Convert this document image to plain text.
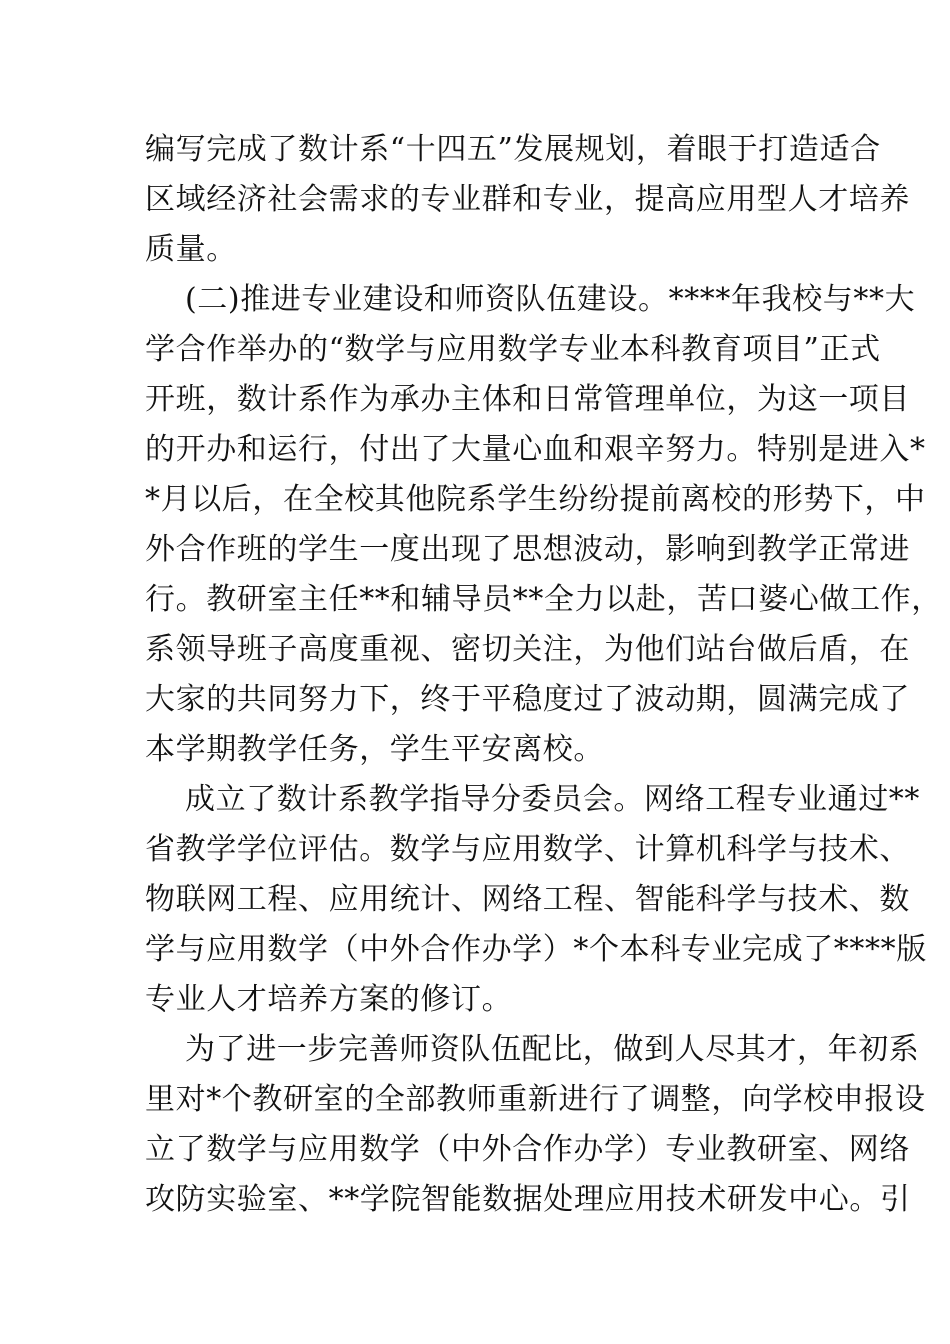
编写完成了数计系“十四五”发展规划，着眼于打造适合
区域经济社会需求的专业群和专业，提高应用型人才培养
质量。
(二)推进专业建设和师资队伍建设。****年我校与**大
学合作举办的“数学与应用数学专业本科教育项目”正式
开班，数计系作为承办主体和日常管理单位，为这一项目
的开办和运行，付出了大量心血和艰辛努力。特别是进入*
*月以后，在全校其他院系学生纷纷提前离校的形势下，中
外合作班的学生一度出现了思想波动，影响到教学正常进
行。教研室主任**和辅导员**全力以赴，苦口婆心做工作，
系领导班子高度重视、密切关注，为他们站台做后盾，在
大家的共同努力下，终于平稳度过了波动期，圆满完成了
本学期教学任务，学生平安离校。
成立了数计系教学指导分委员会。网络工程专业通过**
省教学学位评估。数学与应用数学、计算机科学与技术、
物联网工程、应用统计、网络工程、智能科学与技术、数
学与应用数学（中外合作办学）*个本科专业完成了****版
专业人才培养方案的修订。
为了进一步完善师资队伍配比，做到人尽其才，年初系
里对*个教研室的全部教师重新进行了调整，向学校申报设
立了数学与应用数学（中外合作办学）专业教研室、网络
攻防实验室、**学院智能数据处理应用技术研发中心。引
